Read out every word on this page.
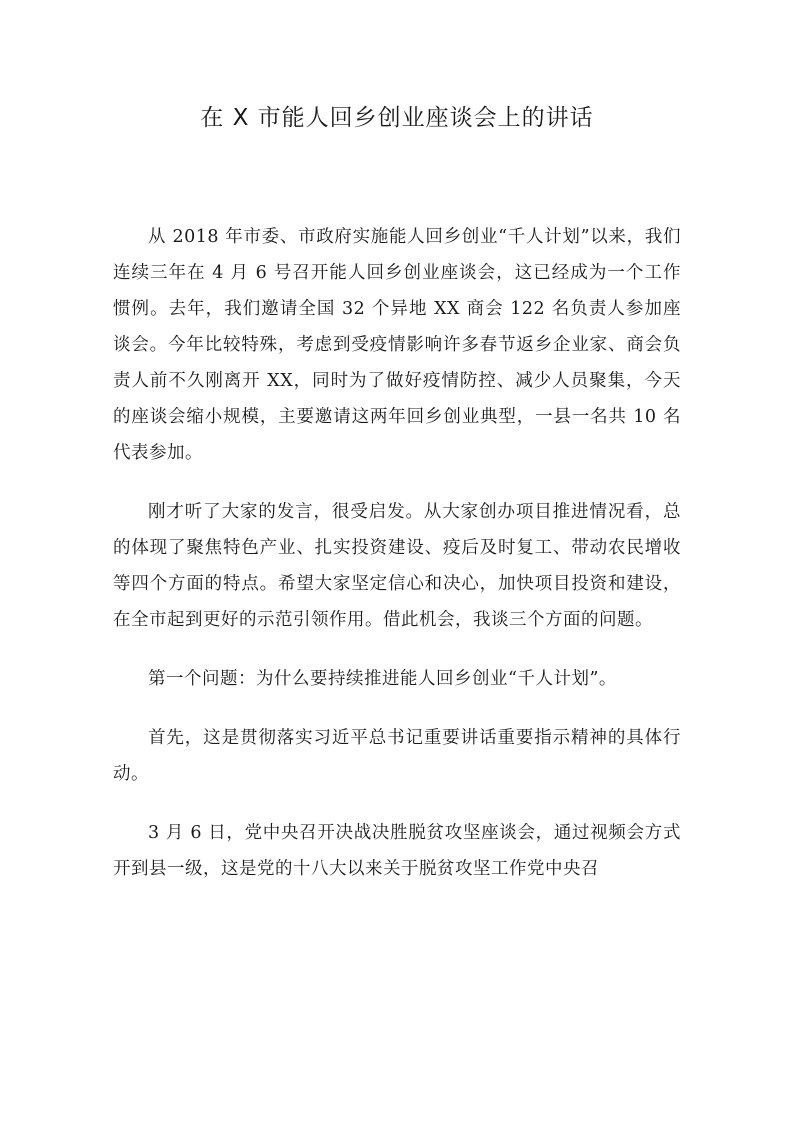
在 X 市能人回乡创业座谈会上的讲话

从 2018 年市委、市政府实施能人回乡创业“千人计划”以来，我们连续三年在 4 月 6 号召开能人回乡创业座谈会，这已经成为一个工作惯例。去年，我们邀请全国 32 个异地 XX 商会 122 名负责人参加座谈会。今年比较特殊，考虑到受疫情影响许多春节返乡企业家、商会负责人前不久刚离开 XX，同时为了做好疫情防控、减少人员聚集，今天的座谈会缩小规模，主要邀请这两年回乡创业典型，一县一名共 10 名代表参加。

刚才听了大家的发言，很受启发。从大家创办项目推进情况看，总的体现了聚焦特色产业、扎实投资建设、疫后及时复工、带动农民增收等四个方面的特点。希望大家坚定信心和决心，加快项目投资和建设，在全市起到更好的示范引领作用。借此机会，我谈三个方面的问题。

第一个问题：为什么要持续推进能人回乡创业“千人计划”。

首先，这是贯彻落实习近平总书记重要讲话重要指示精神的具体行动。

3 月 6 日，党中央召开决战决胜脱贫攻坚座谈会，通过视频会方式开到县一级，这是党的十八大以来关于脱贫攻坚工作党中央召
